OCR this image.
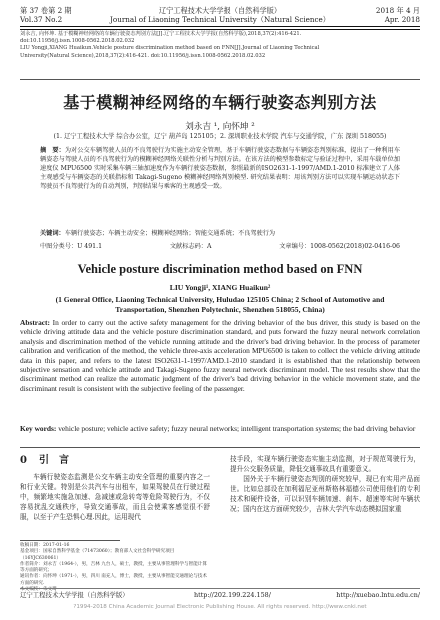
第 37 卷第 2 期	辽宁工程技术大学学报（自然科学版）	2018 年 4 月
Vol.37 No.2	Journal of Liaoning Technical University（Natural Science）	Apr. 2018
刘永吉, 向怀坤. 基于模糊神经网络的车辆行驶姿态判别方法[J].辽宁工程技术大学学报(自然科学版),2018,37(2):416-421.
doi:10.11956/j.issn.1008-0562.2018.02.032
LIU Yongji,XIANG Huaikun.Vehicle posture discrimination method based on FNN[J].Journal of Liaoning Technical
University(Natural Science),2018,37(2):416-421. doi:10.11956/j.issn.1008-0562.2018.02.032
基于模糊神经网络的车辆行驶姿态判别方法
刘永吉 ¹, 向怀坤 ²
(1. 辽宁工程技术大学 综合办公室，辽宁 葫芦岛 125105；2. 深圳职业技术学院 汽车与交通学院，广东 深圳 518055)
摘　要：为对公交车辆驾驶人员的不良驾驶行为实施主动安全管理，基于车辆行驶姿态数据与车辆姿态判别标准，提出了一种利用车辆姿态与驾驶人员的不良驾驶行为的模糊神经网络关联性分析与判别方法。在该方法的模型参数标定与验证过程中，采用车载单位加速度仪 MPU6500 实时采集车辆三轴加速度作为车辆行驶姿态数据，参照最新的ISO2631-1-1997/AMD.1-2010 标准建立了人体主观感受与车辆姿态的关联指标和 Takagi-Sugeno 模糊神经网络判别模型. 研究结果表明：用该判别方法可以实现车辆运动状态下驾驶员不良驾驶行为的自动判别，判别结果与乘客的主观感受一致。
关键词：车辆行驶姿态；车辆主动安全；模糊神经网络；智能交通系统；不良驾驶行为
中图分类号：U 491.1	文献标志码：A	文章编号：1008-0562(2018)02-0416-06
Vehicle posture discrimination method based on FNN
LIU Yongji¹, XIANG Huaikun²
(1 General Office, Liaoning Technical University, Huludao 125105 China; 2 School of Automotive and
Transportation, Shenzhen Polytechnic, Shenzhen 518055, China)
Abstract: In order to carry out the active safety management for the driving behavior of the bus driver, this study is based on the vehicle driving attitude data and the vehicle posture discrimination standard, and puts forward the fuzzy neural network correlation analysis and discrimination method of the vehicle running attitude and the driver's bad driving behavior. In the process of parameter calibration and verification of the method, the vehicle three-axis acceleration MPU6500 is taken to collect the vehicle driving attitude data in this paper, and refers to the latest ISO2631-1-1997/AMD.1-2010 standard it is established that the relationship between subjective sensation and vehicle attitude and Takagi-Sugeno fuzzy neural network discriminant model. The test results show that the discriminant method can realize the automatic judgment of the driver's bad driving behavior in the vehicle movement state, and the discriminant result is consistent with the subjective feeling of the passenger.
Key words: vehicle posture; vehicle active safety; fuzzy neural networks; intelligent transportation systems; the bad driving behavior
0 引　言

车辆行驶姿态监测是公交车辆主动安全管理的重要内容之一和行业关键。特别是公共汽车与出租车，如果驾驶员在行驶过程中，频繁地实施急加速、急减速或急转弯等危险驾驶行为，不仅容易扰乱交通秩序，导致交通事故，而且会使乘客感觉很不舒服，以至于产生恐惧心理.因此，运用现代

技手段，实现车辆行驶姿态实施主动监测，对于规范驾驶行为，提升公交服务质量，降低交通事故具有重要意义。

国外关于车辆行驶姿态判别的研究较早，现已有实用产品面世。比如总部设在加利福尼亚州斯格林福德公司使用他们的专利技术和硬件设备，可以识别车辆加速、刹车、超速等实时车辆状况；国内在这方面研究较少，吉林大学汽车动态模拟国家重

收稿日期：2017-01-16
基金项目：国家自然科学基金（71473060）；教育部人文社会科学研究项目（16YJC630061）
作者简介：刘永吉（1964-），男，吉林 九台人，硕士，教授，主要从事管理科学与智能计算等方面的研究；
通讯作者：向怀坤（1971-），男，四川 南充人，博士，教授，主要从事智能交通理论与技术方面的研究.
本文编校：朱文琦
辽宁工程技术大学学报（自然科学版）	http://202.199.224.158/	http://xuebao.lntu.edu.cn/
?1994-2018 China Academic Journal Electronic Publishing House. All rights reserved. http://www.cnki.net
